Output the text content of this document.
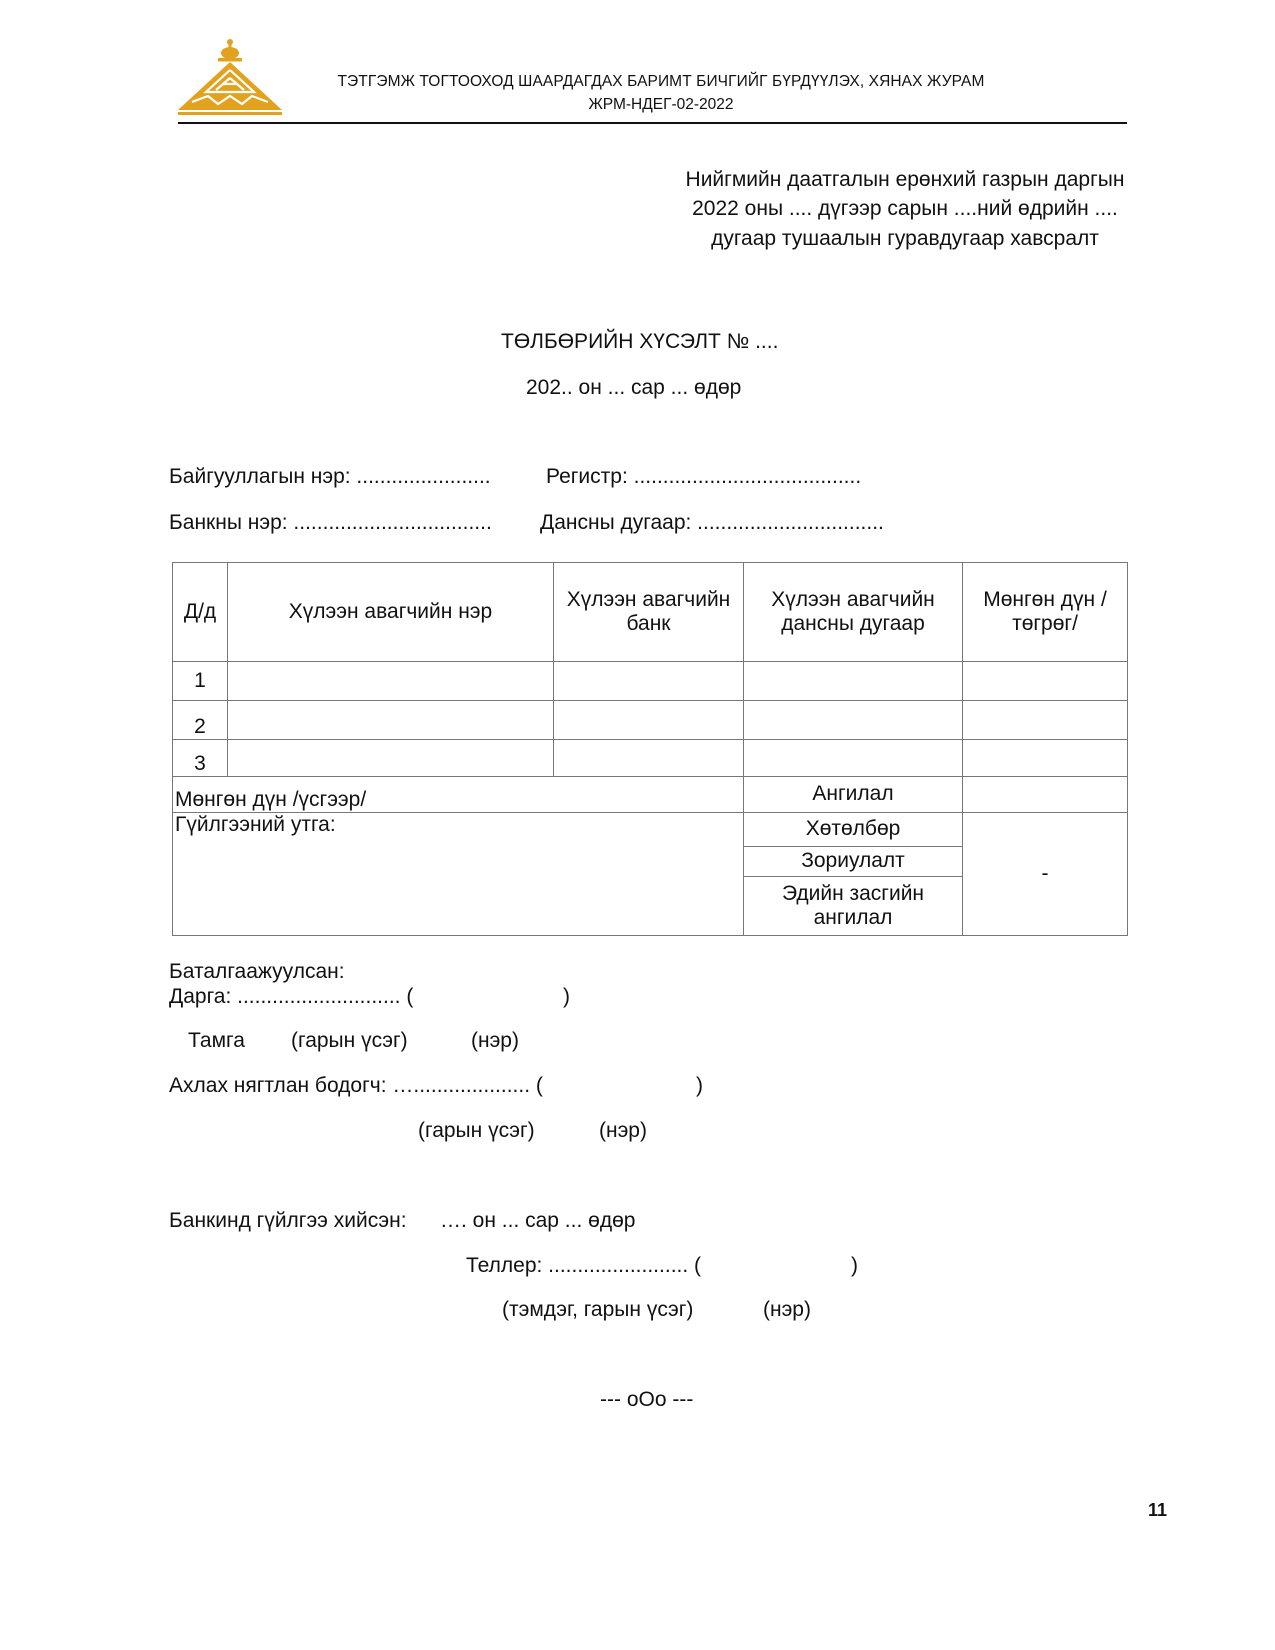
ТЭТГЭМЖ ТОГТООХОД ШААРДАГДАХ БАРИМТ БИЧГИЙГ БҮРДҮҮЛЭХ, ХЯНАХ ЖУРАМ
ЖРМ-НДЕГ-02-2022
Нийгмийн даатгалын ерөнхий газрын даргын
2022 оны .... дүгээр сарын ....ний өдрийн ....
дугаар тушаалын гуравдугаар хавсралт
ТӨЛБӨРИЙН ХҮСЭЛТ № ....
202.. он ... сар ... өдөр
Байгууллагын нэр: .......................	Регистр: .......................................
Банкны нэр: .................................. Дансны дугаар: ................................
Д/д	Хүлээн авагчийн нэр	Хүлээн авагчийн банк	Хүлээн авагчийн дансны дугаар	Мөнгөн дүн /төгрөг/
1				
2				
3				
Мөнгөн дүн /үсгээр/			Ангилал	
Гүйлгээний утга:			Хөтөлбөр	-
			Зориулалт	
			Эдийн засгийн ангилал	
Баталгаажуулсан:
Дарга: ............................ (	)
Тамга (гарын үсэг)	(нэр)
Ахлах нягтлан бодогч: ….................... (	)
(гарын үсэг)	(нэр)
Банкинд гүйлгээ хийсэн: …. он ... сар ... өдөр
Теллер: ........................ (	)
(тэмдэг, гарын үсэг)	(нэр)
--- oOo ---
11
